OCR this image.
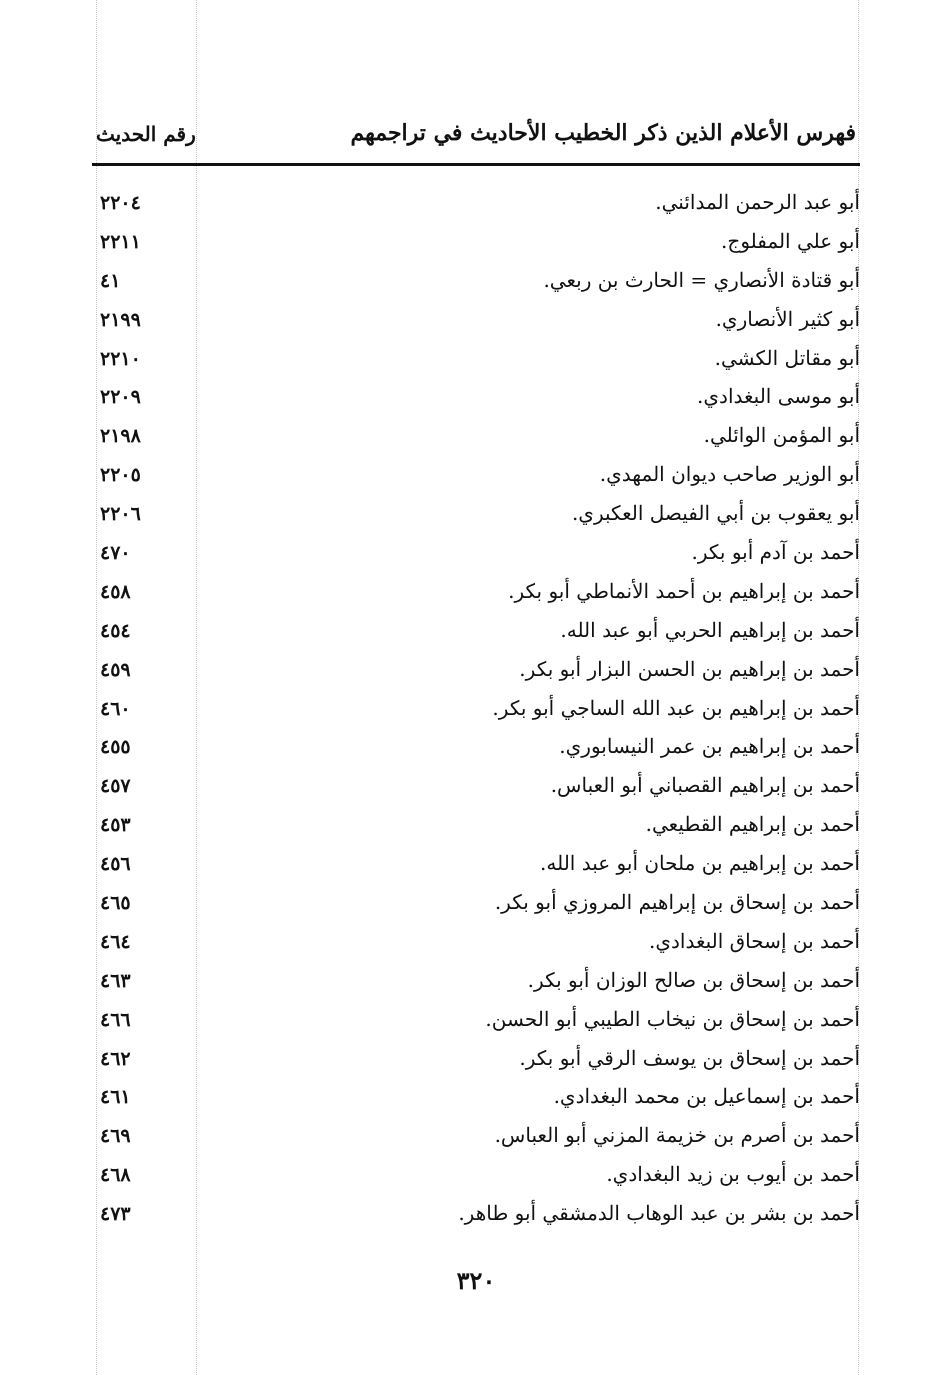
فهرس الأعلام الذين ذكر الخطيب الأحاديث في تراجمهم
رقم الحديث
أبو عبد الرحمن المدائني.
٢٢٠٤
أبو علي المفلوج.
٢٢١١
أبو قتادة الأنصاري = الحارث بن ربعي.
٤١
أبو كثير الأنصاري.
٢١٩٩
أبو مقاتل الكشي.
٢٢١٠
أبو موسى البغدادي.
٢٢٠٩
أبو المؤمن الوائلي.
٢١٩٨
أبو الوزير صاحب ديوان المهدي.
٢٢٠٥
أبو يعقوب بن أبي الفيصل العكبري.
٢٢٠٦
أحمد بن آدم أبو بكر.
٤٧٠
أحمد بن إبراهيم بن أحمد الأنماطي أبو بكر.
٤٥٨
أحمد بن إبراهيم الحربي أبو عبد الله.
٤٥٤
أحمد بن إبراهيم بن الحسن البزار أبو بكر.
٤٥٩
أحمد بن إبراهيم بن عبد الله الساجي أبو بكر.
٤٦٠
أحمد بن إبراهيم بن عمر النيسابوري.
٤٥٥
أحمد بن إبراهيم القصباني أبو العباس.
٤٥٧
أحمد بن إبراهيم القطيعي.
٤٥٣
أحمد بن إبراهيم بن ملحان أبو عبد الله.
٤٥٦
أحمد بن إسحاق بن إبراهيم المروزي أبو بكر.
٤٦٥
أحمد بن إسحاق البغدادي.
٤٦٤
أحمد بن إسحاق بن صالح الوزان أبو بكر.
٤٦٣
أحمد بن إسحاق بن نيخاب الطيبي أبو الحسن.
٤٦٦
أحمد بن إسحاق بن يوسف الرقي أبو بكر.
٤٦٢
أحمد بن إسماعيل بن محمد البغدادي.
٤٦١
أحمد بن أصرم بن خزيمة المزني أبو العباس.
٤٦٩
أحمد بن أيوب بن زيد البغدادي.
٤٦٨
أحمد بن بشر بن عبد الوهاب الدمشقي أبو طاهر.
٤٧٣
٣٢٠
